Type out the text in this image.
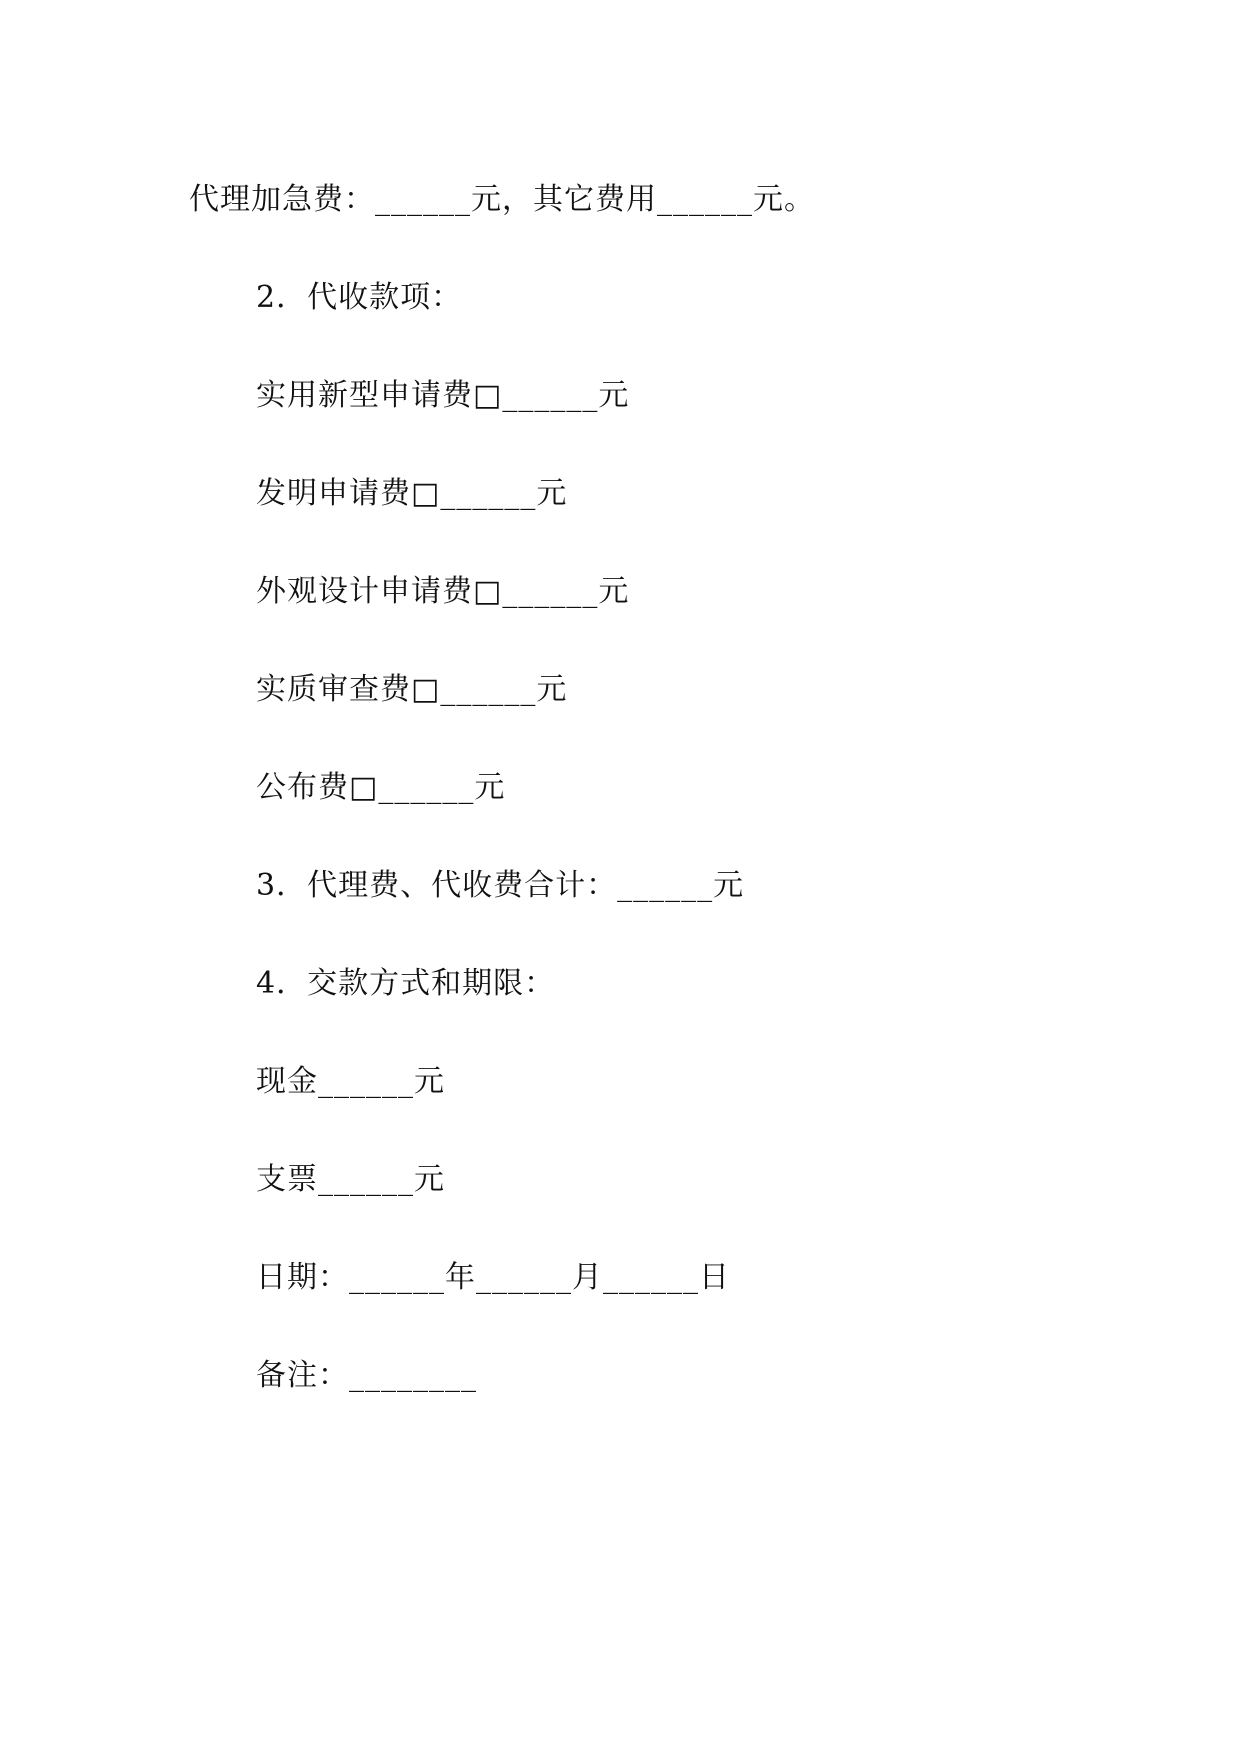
代理加急费：______元，其它费用______元。
2．代收款项：
实用新型申请费□______元
发明申请费□______元
外观设计申请费□______元
实质审查费□______元
公布费□______元
3．代理费、代收费合计：______元
4．交款方式和期限：
现金______元
支票______元
日期：______年______月______日
备注：________
